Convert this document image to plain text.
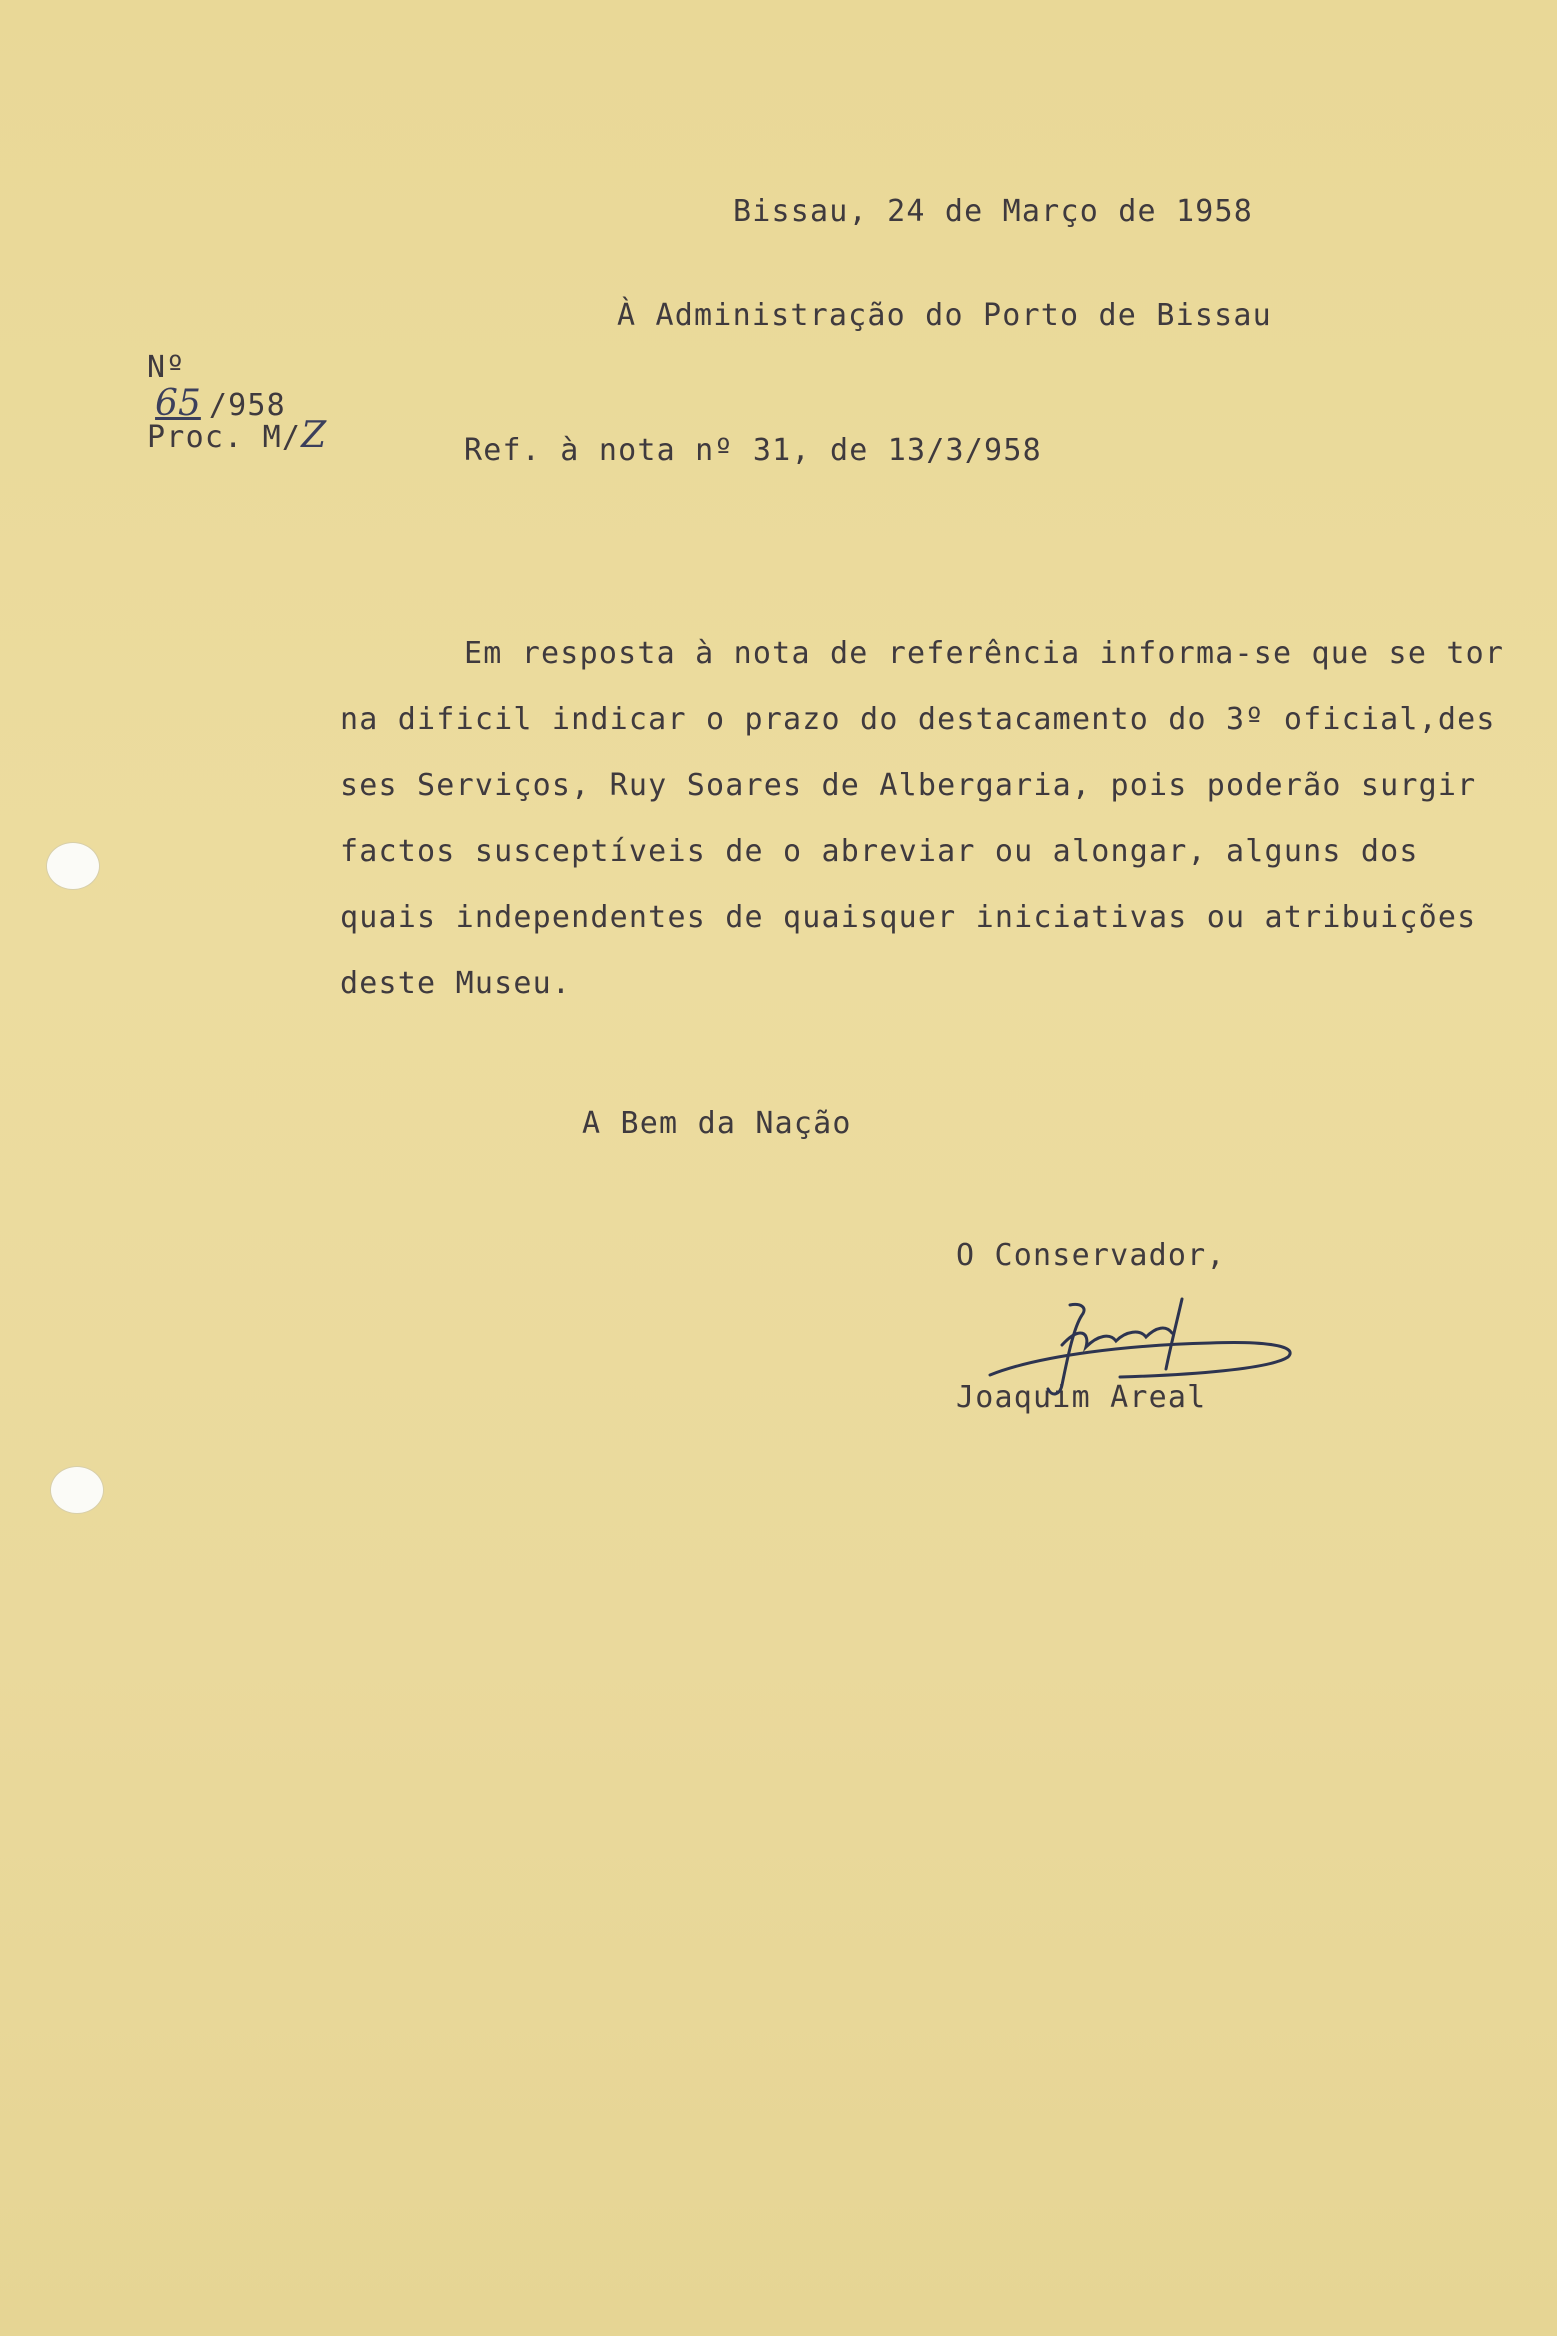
Bissau, 24 de Março de 1958

Nº
65 /958

Proc. M/Z

À Administração do Porto de Bissau

Ref. à nota nº 31, de 13/3/958

Em resposta à nota de referência informa-se que se tor

na dificil indicar o prazo do destacamento do 3º oficial,des

ses Serviços, Ruy Soares de Albergaria, pois poderão surgir

factos susceptíveis de o abreviar ou alongar, alguns dos

quais independentes de quaisquer iniciativas ou atribuições

deste Museu.

A Bem da Nação

O Conservador,

Joaquim Areal
